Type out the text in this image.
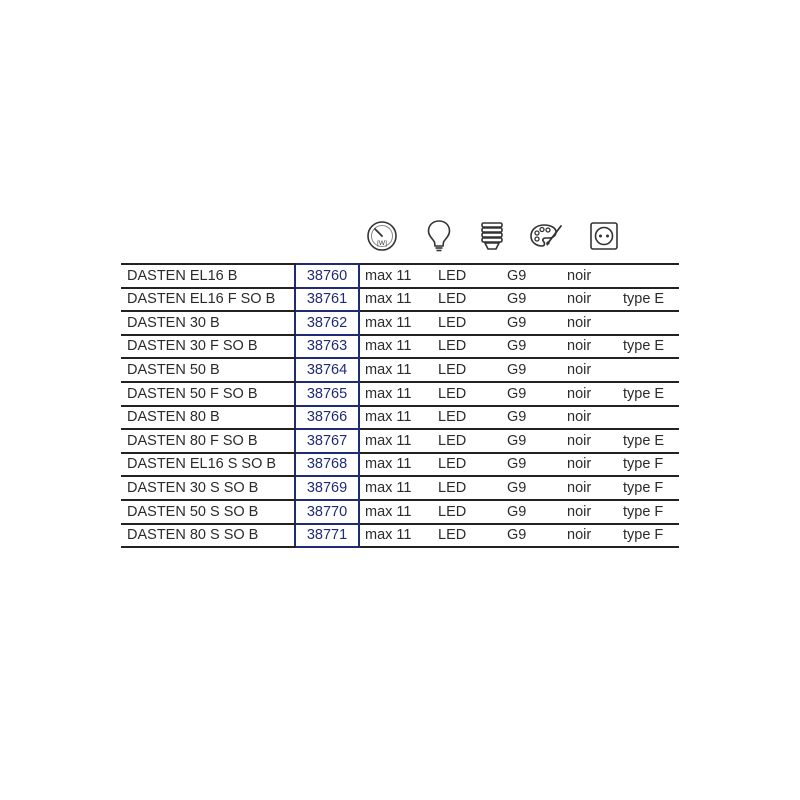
[W]
DASTEN EL16 B	38760	max 11	LED	G9	noir	
DASTEN EL16 F SO B	38761	max 11	LED	G9	noir	type E
DASTEN 30 B	38762	max 11	LED	G9	noir	
DASTEN 30 F SO B	38763	max 11	LED	G9	noir	type E
DASTEN 50 B	38764	max 11	LED	G9	noir	
DASTEN 50 F SO B	38765	max 11	LED	G9	noir	type E
DASTEN 80 B	38766	max 11	LED	G9	noir	
DASTEN 80 F SO B	38767	max 11	LED	G9	noir	type E
DASTEN EL16 S SO B	38768	max 11	LED	G9	noir	type F
DASTEN 30 S SO B	38769	max 11	LED	G9	noir	type F
DASTEN 50 S SO B	38770	max 11	LED	G9	noir	type F
DASTEN 80 S SO B	38771	max 11	LED	G9	noir	type F
